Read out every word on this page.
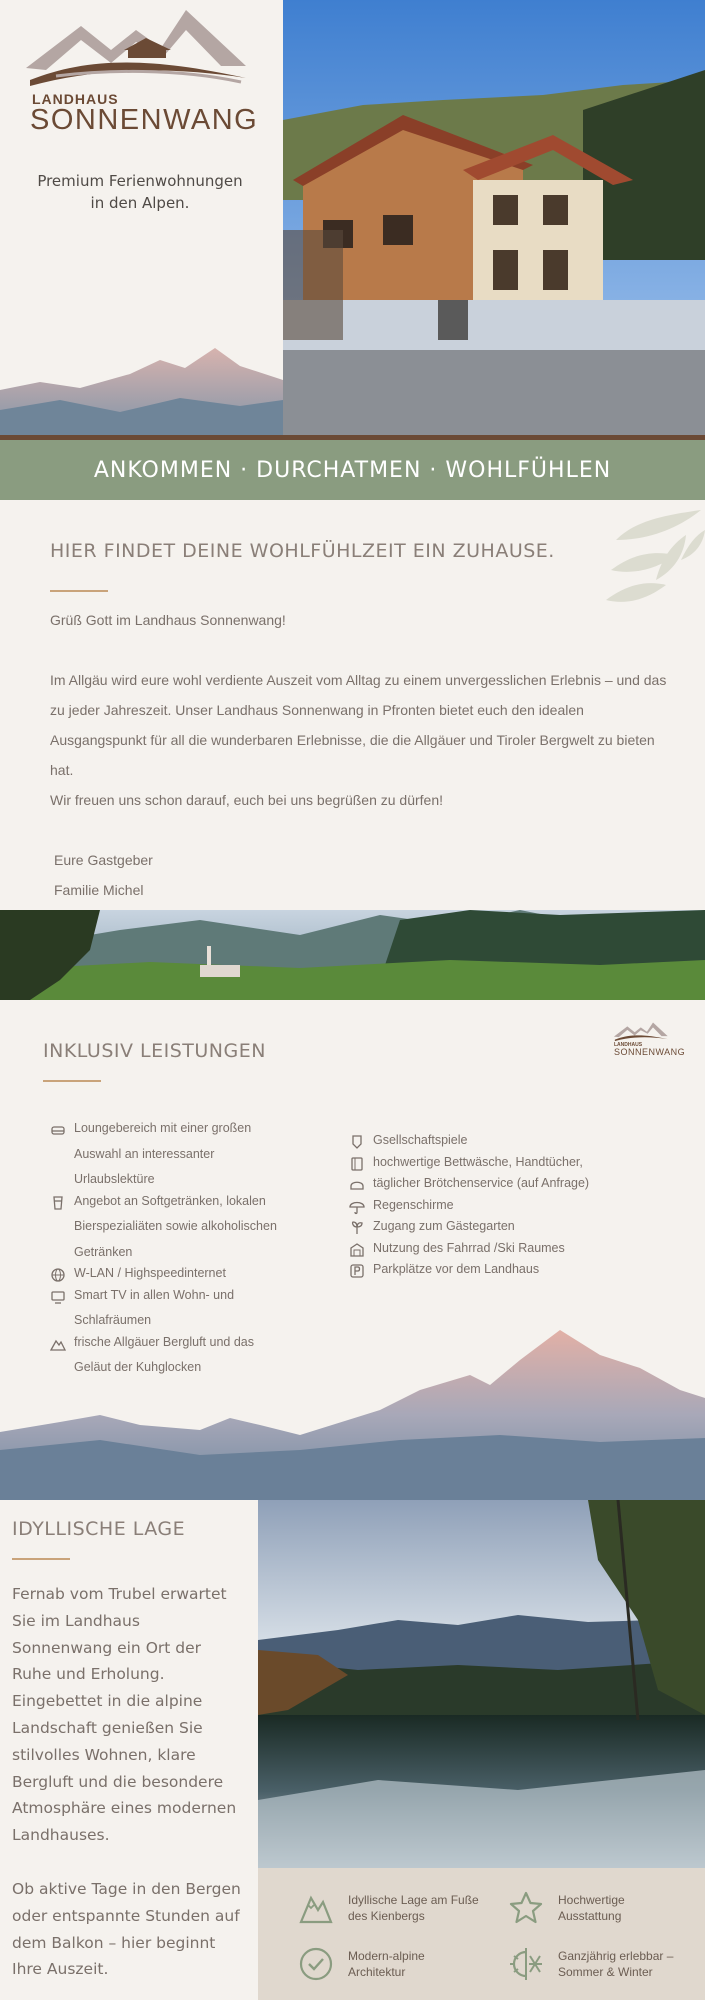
LANDHAUS
SONNENWANG
Premium Ferienwohnungen
in den Alpen.
ANKOMMEN · DURCHATMEN · WOHLFÜHLEN
HIER FINDET DEINE WOHLFÜHLZEIT EIN ZUHAUSE.
Grüß Gott im Landhaus Sonnenwang!
Im Allgäu wird eure wohl verdiente Auszeit vom Alltag zu einem unvergesslichen Erlebnis – und das zu jeder Jahreszeit. Unser Landhaus Sonnenwang in Pfronten bietet euch den idealen Ausgangspunkt für all die wunderbaren Erlebnisse, die die Allgäuer und Tiroler Bergwelt zu bieten hat.
Wir freuen uns schon darauf, euch bei uns begrüßen zu dürfen!
Eure Gastgeber
Familie Michel
INKLUSIV LEISTUNGEN	LANDHAUS
SONNENWANG
Loungebereich mit einer großen Auswahl an interessanter Urlaubslektüre
Angebot an Softgetränken, lokalen Bierspezialiäten sowie alkoholischen Getränken
W-LAN / Highspeedinternet
Smart TV in allen Wohn- und Schlafräumen
frische Allgäuer Bergluft und das Geläut der Kuhglocken
Gsellschaftspiele
hochwertige Bettwäsche, Handtücher,
täglicher Brötchenservice (auf Anfrage)
Regenschirme
Zugang zum Gästegarten
Nutzung des Fahrrad /Ski Raumes
Parkplätze vor dem Landhaus
IDYLLISCHE LAGE
Fernab vom Trubel erwartet Sie im Landhaus Sonnenwang ein Ort der Ruhe und Erholung. Eingebettet in die alpine Landschaft genießen Sie stilvolles Wohnen, klare Bergluft und die besondere Atmosphäre eines modernen Landhauses.
Ob aktive Tage in den Bergen oder entspannte Stunden auf dem Balkon – hier beginnt Ihre Auszeit.
Idyllische Lage am Fuße
des Kienbergs
Hochwertige
Ausstattung
Modern-alpine
Architektur
Ganzjährig erlebbar –
Sommer & Winter
